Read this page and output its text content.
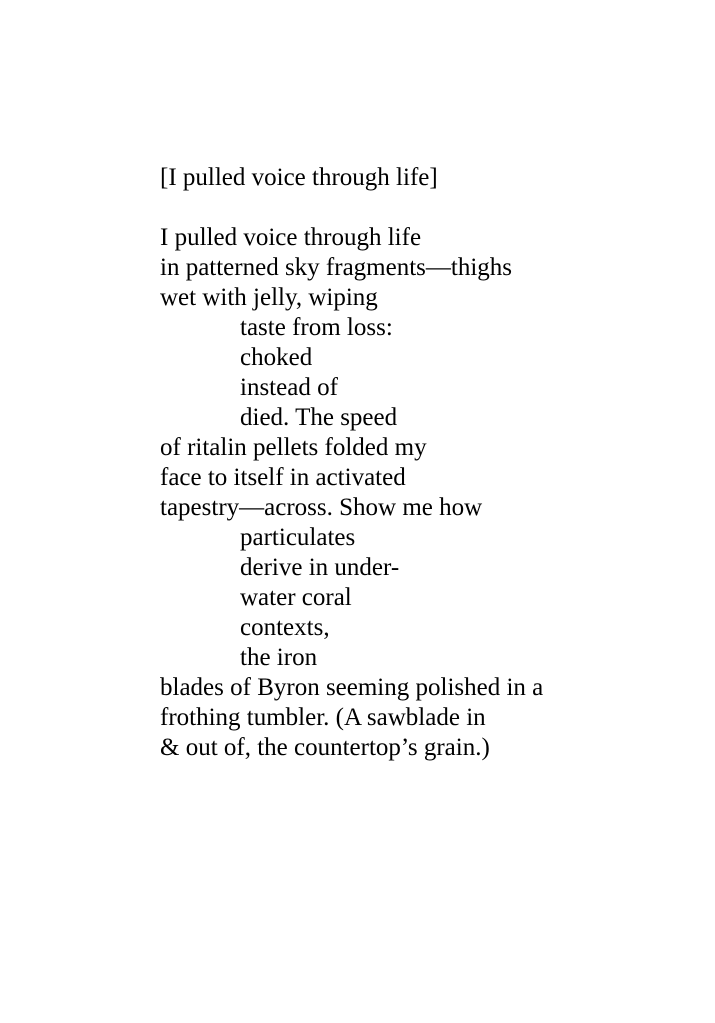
[I pulled voice through life]
I pulled voice through life
in patterned sky fragments—thighs
wet with jelly, wiping
taste from loss:
choked
instead of
died. The speed
of ritalin pellets folded my
face to itself in activated
tapestry—across. Show me how
particulates
derive in under-
water coral
contexts,
the iron
blades of Byron seeming polished in a
frothing tumbler. (A sawblade in
& out of, the countertop’s grain.)
